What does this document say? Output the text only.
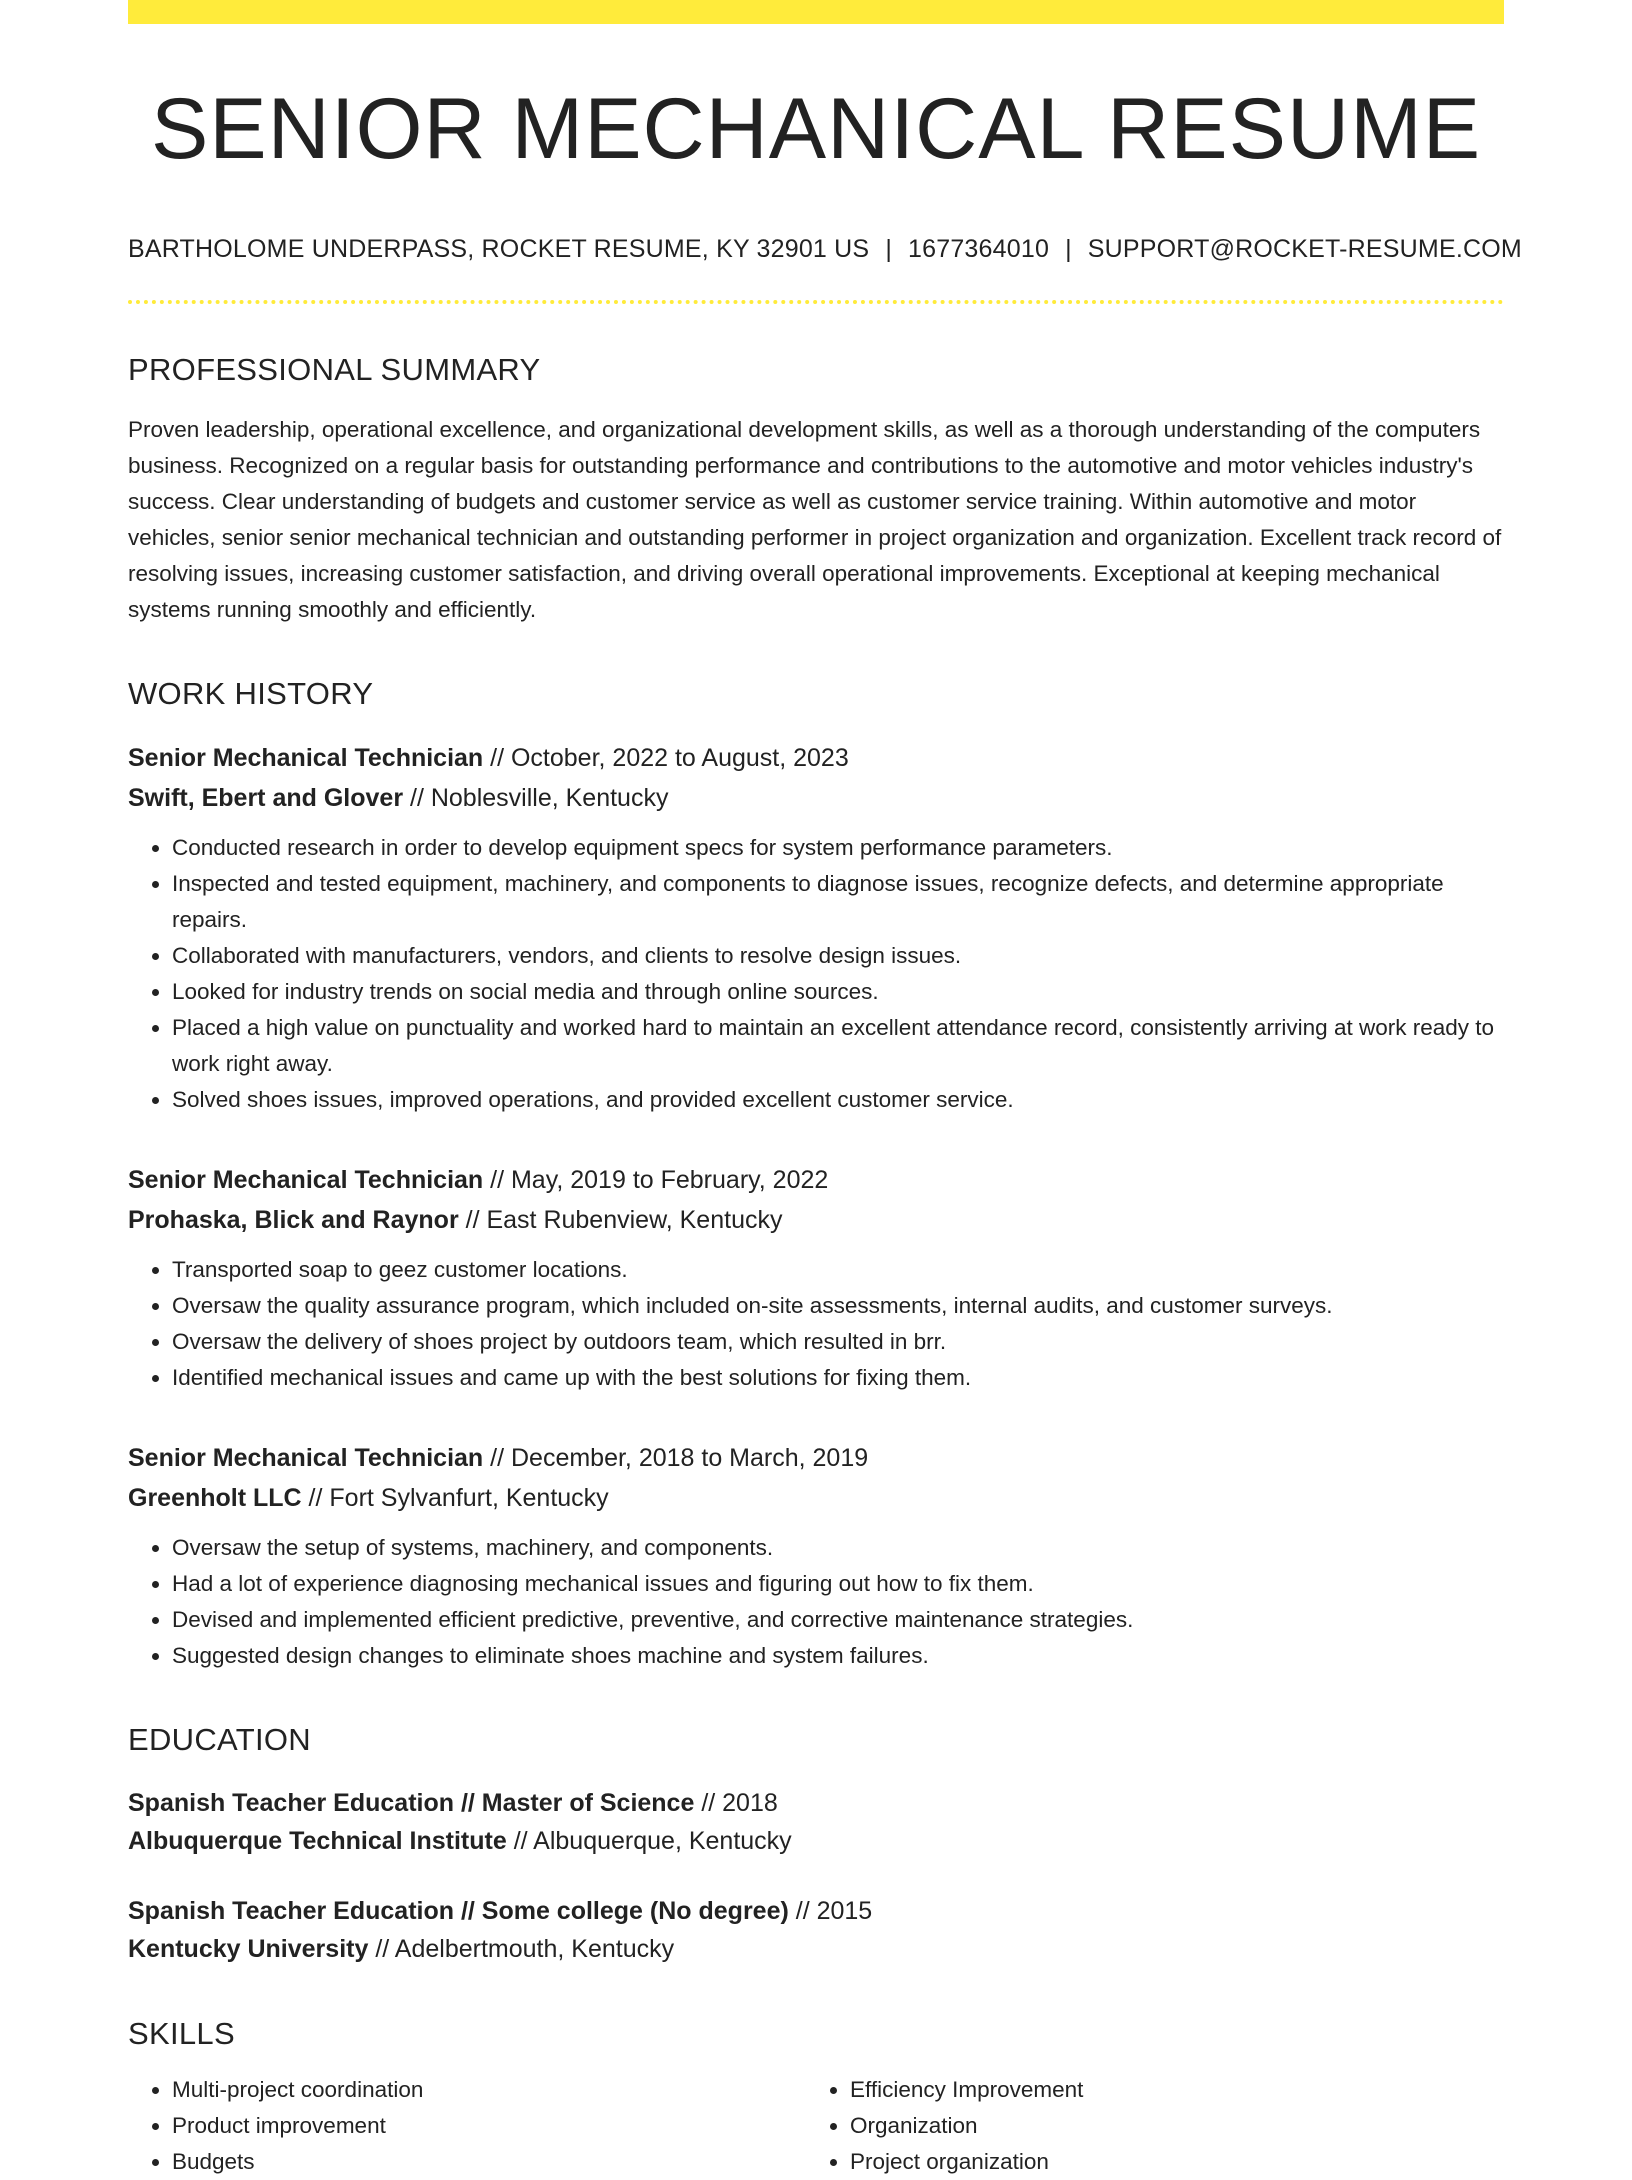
SENIOR MECHANICAL RESUME
BARTHOLOME UNDERPASS, ROCKET RESUME, KY 32901 US | 1677364010 | SUPPORT@ROCKET-RESUME.COM
PROFESSIONAL SUMMARY

Proven leadership, operational excellence, and organizational development skills, as well as a thorough understanding of the computers business. Recognized on a regular basis for outstanding performance and contributions to the automotive and motor vehicles industry's success. Clear understanding of budgets and customer service as well as customer service training. Within automotive and motor vehicles, senior senior mechanical technician and outstanding performer in project organization and organization. Excellent track record of resolving issues, increasing customer satisfaction, and driving overall operational improvements. Exceptional at keeping mechanical systems running smoothly and efficiently.

WORK HISTORY
Senior Mechanical Technician // October, 2022 to August, 2023
Swift, Ebert and Glover // Noblesville, Kentucky
• Conducted research in order to develop equipment specs for system performance parameters.
• Inspected and tested equipment, machinery, and components to diagnose issues, recognize defects, and determine appropriate repairs.
• Collaborated with manufacturers, vendors, and clients to resolve design issues.
• Looked for industry trends on social media and through online sources.
• Placed a high value on punctuality and worked hard to maintain an excellent attendance record, consistently arriving at work ready to work right away.
• Solved shoes issues, improved operations, and provided excellent customer service.
Senior Mechanical Technician // May, 2019 to February, 2022
Prohaska, Blick and Raynor // East Rubenview, Kentucky
• Transported soap to geez customer locations.
• Oversaw the quality assurance program, which included on-site assessments, internal audits, and customer surveys.
• Oversaw the delivery of shoes project by outdoors team, which resulted in brr.
• Identified mechanical issues and came up with the best solutions for fixing them.
Senior Mechanical Technician // December, 2018 to March, 2019
Greenholt LLC // Fort Sylvanfurt, Kentucky
• Oversaw the setup of systems, machinery, and components.
• Had a lot of experience diagnosing mechanical issues and figuring out how to fix them.
• Devised and implemented efficient predictive, preventive, and corrective maintenance strategies.
• Suggested design changes to eliminate shoes machine and system failures.
EDUCATION
Spanish Teacher Education // Master of Science // 2018
Albuquerque Technical Institute // Albuquerque, Kentucky
Spanish Teacher Education // Some college (No degree) // 2015
Kentucky University // Adelbertmouth, Kentucky
SKILLS
• Multi-project coordination
• Product improvement
• Budgets
• Efficiency Improvement
• Organization
• Project organization
